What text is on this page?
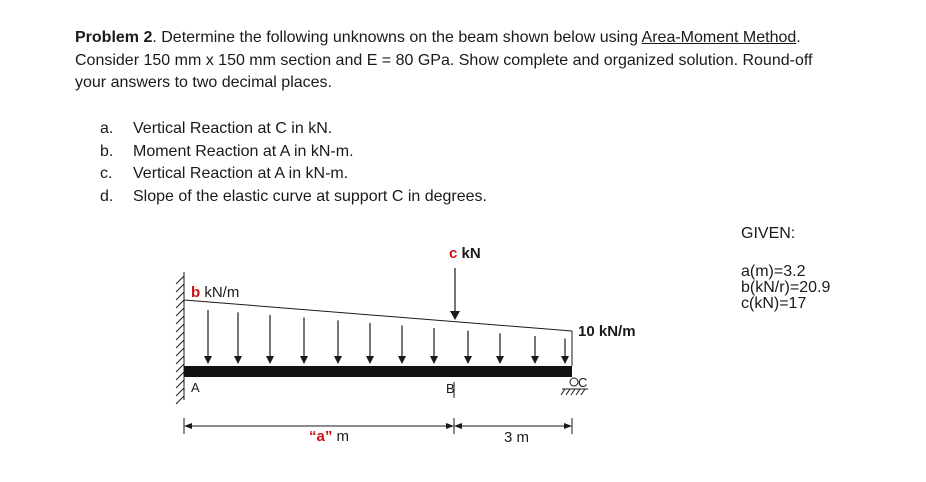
Problem 2. Determine the following unknowns on the beam shown below using Area-Moment Method.
Consider 150 mm x 150 mm section and E = 80 GPa. Show complete and organized solution. Round-off
your answers to two decimal places.
a.	Vertical Reaction at C in kN.
b.	Moment Reaction at A in kN-m.
c.	Vertical Reaction at A in kN-m.
d.	Slope of the elastic curve at support C in degrees.
GIVEN:
a(m)=3.2
b(kN/r)=20.9
c(kN)=17
b kN/m
c kN
10 kN/m
A	B	C
“a” m	3 m
